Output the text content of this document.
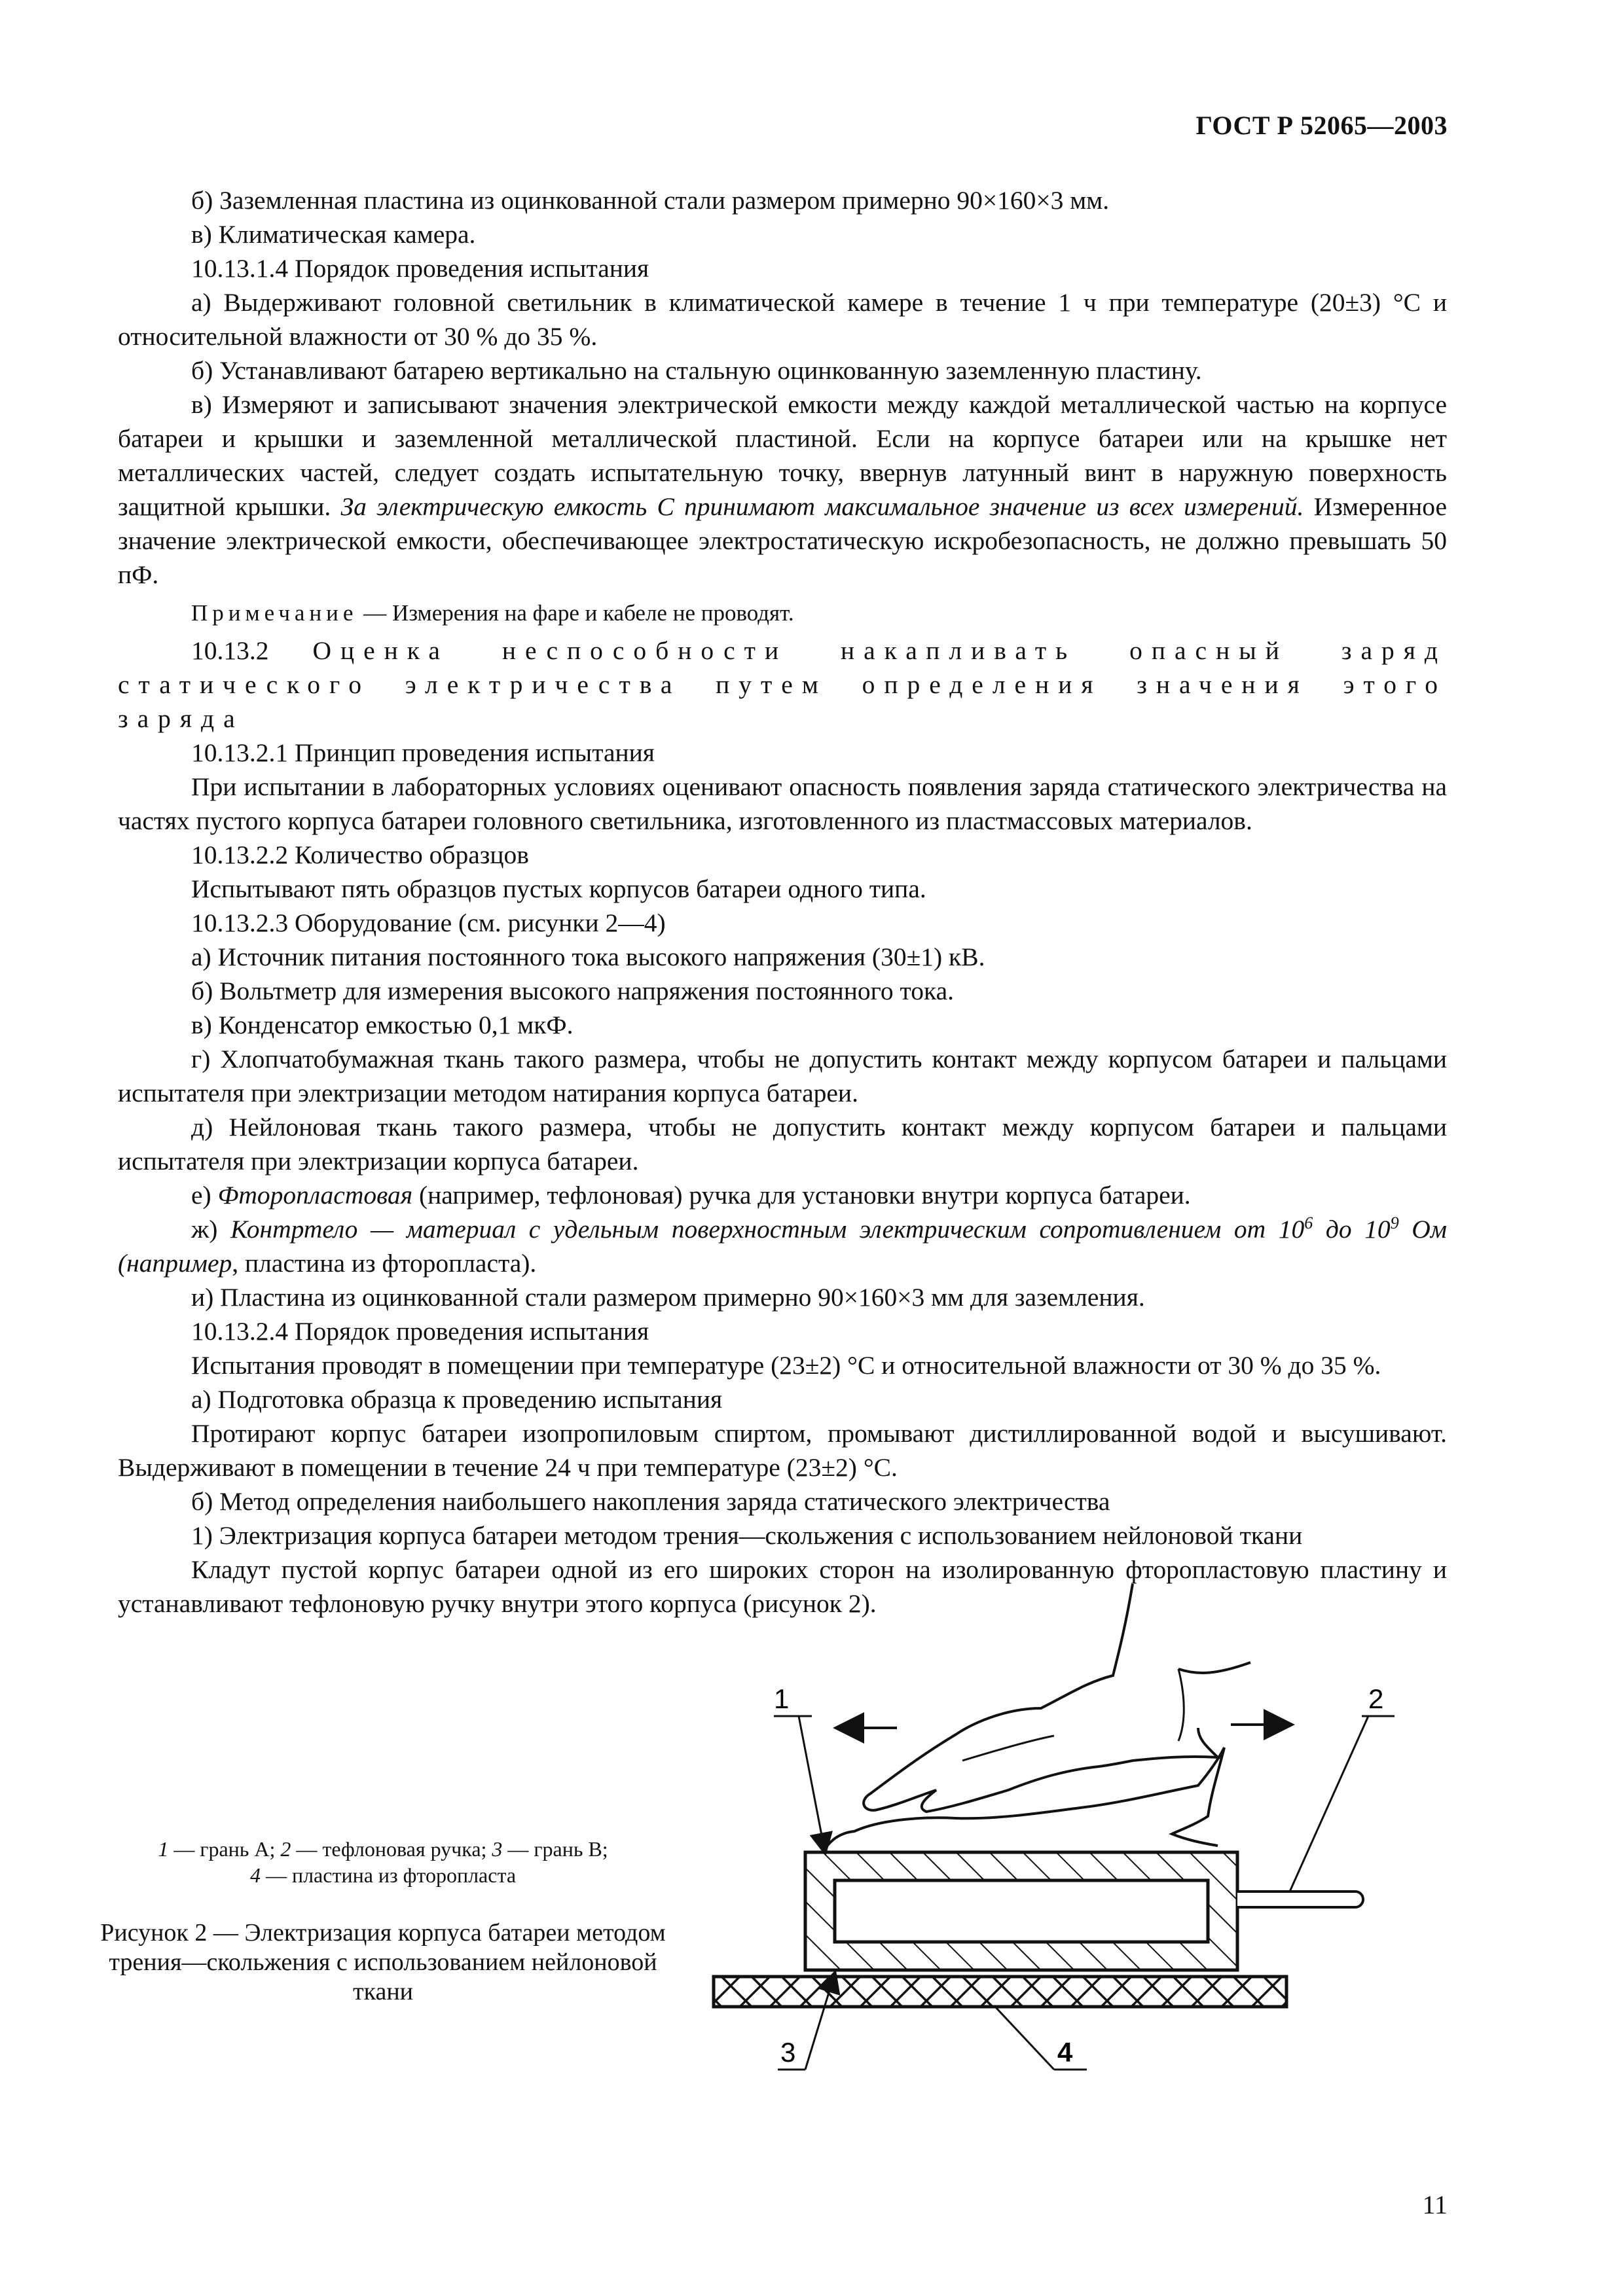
ГОСТ Р 52065—2003

б) Заземленная пластина из оцинкованной стали размером примерно 90×160×3 мм.

в) Климатическая камера.

10.13.1.4 Порядок проведения испытания

а) Выдерживают головной светильник в климатической камере в течение 1 ч при температуре (20±3) °С и относительной влажности от 30 % до 35 %.

б) Устанавливают батарею вертикально на стальную оцинкованную заземленную пластину.

в) Измеряют и записывают значения электрической емкости между каждой металлической частью на корпусе батареи и крышки и заземленной металлической пластиной. Если на корпусе батареи или на крышке нет металлических частей, следует создать испытательную точку, ввернув латунный винт в наружную поверхность защитной крышки. За электрическую емкость С принимают максимальное значение из всех измерений. Измеренное значение электрической емкости, обеспечивающее электростатическую искробезопасность, не должно превышать 50 пФ.

Примечание — Измерения на фаре и кабеле не проводят.

10.13.2 Оценка неспособности накапливать опасный заряд статического электричества путем определения значения этого заряда

10.13.2.1 Принцип проведения испытания

При испытании в лабораторных условиях оценивают опасность появления заряда статического электричества на частях пустого корпуса батареи головного светильника, изготовленного из пластмассовых материалов.

10.13.2.2 Количество образцов

Испытывают пять образцов пустых корпусов батареи одного типа.

10.13.2.3 Оборудование (см. рисунки 2—4)

а) Источник питания постоянного тока высокого напряжения (30±1) кВ.

б) Вольтметр для измерения высокого напряжения постоянного тока.

в) Конденсатор емкостью 0,1 мкФ.

г) Хлопчатобумажная ткань такого размера, чтобы не допустить контакт между корпусом батареи и пальцами испытателя при электризации методом натирания корпуса батареи.

д) Нейлоновая ткань такого размера, чтобы не допустить контакт между корпусом батареи и пальцами испытателя при электризации корпуса батареи.

е) Фторопластовая (например, тефлоновая) ручка для установки внутри корпуса батареи.

ж) Контртело — материал с удельным поверхностным электрическим сопротивлением от $10^6$ до $10^9$ Ом (например, пластина из фторопласта).

и) Пластина из оцинкованной стали размером примерно 90×160×3 мм для заземления.

10.13.2.4 Порядок проведения испытания

Испытания проводят в помещении при температуре (23±2) °С и относительной влажности от 30 % до 35 %.

а) Подготовка образца к проведению испытания

Протирают корпус батареи изопропиловым спиртом, промывают дистиллированной водой и высушивают. Выдерживают в помещении в течение 24 ч при температуре (23±2) °С.

б) Метод определения наибольшего накопления заряда статического электричества

1) Электризация корпуса батареи методом трения—скольжения с использованием нейлоновой ткани

Кладут пустой корпус батареи одной из его широких сторон на изолированную фторопластовую пластину и устанавливают тефлоновую ручку внутри этого корпуса (рисунок 2).

1 — грань А; 2 — тефлоновая ручка; 3 — грань В;
4 — пластина из фторопласта

Рисунок 2 — Электризация корпуса батареи методом трения—скольжения с использованием нейлоновой ткани

1	2
3	4
11
